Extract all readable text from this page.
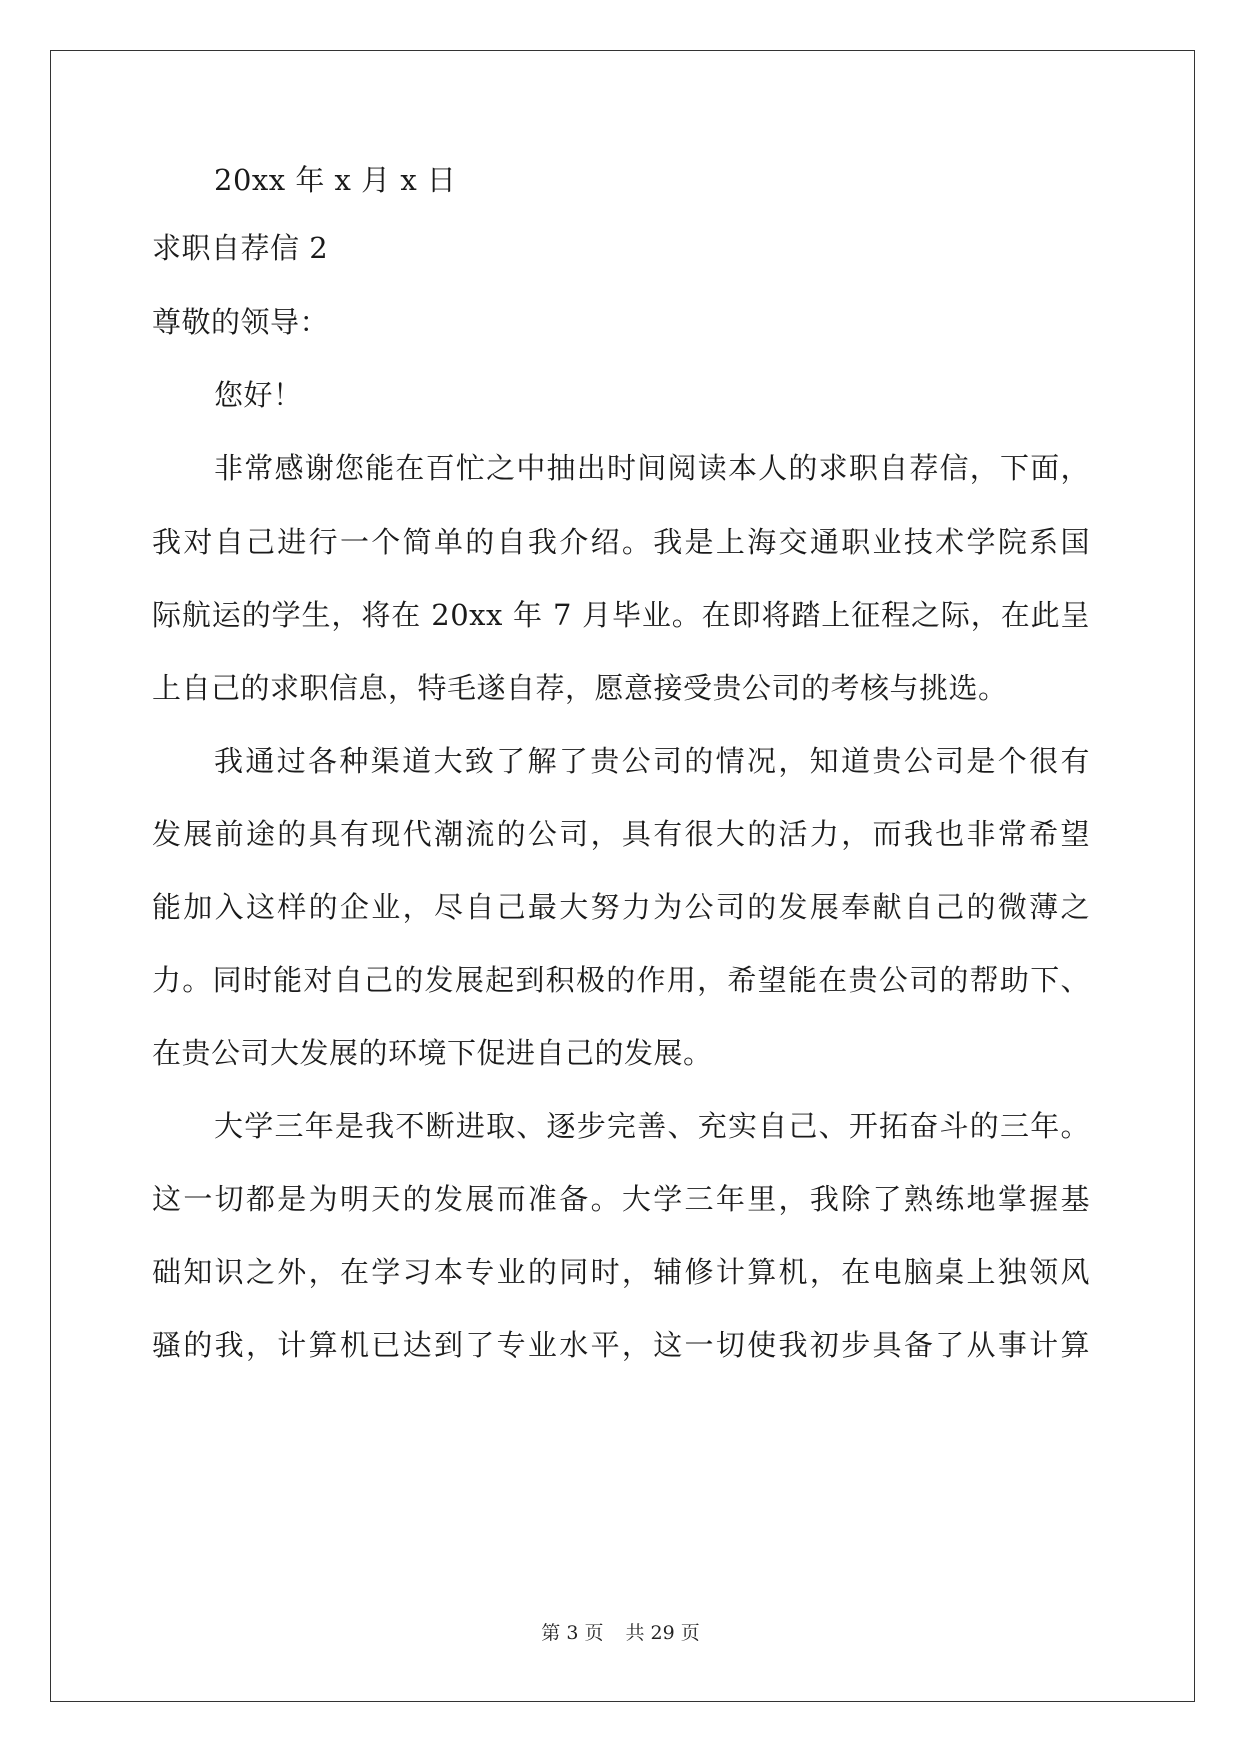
20xx 年 x 月 x 日
求职自荐信 2
尊敬的领导：
您好！
非常感谢您能在百忙之中抽出时间阅读本人的求职自荐信，下面，
我对自己进行一个简单的自我介绍。我是上海交通职业技术学院系国
际航运的学生，将在 20xx 年 7 月毕业。在即将踏上征程之际，在此呈
上自己的求职信息，特毛遂自荐，愿意接受贵公司的考核与挑选。
我通过各种渠道大致了解了贵公司的情况，知道贵公司是个很有
发展前途的具有现代潮流的公司，具有很大的活力，而我也非常希望
能加入这样的企业，尽自己最大努力为公司的发展奉献自己的微薄之
力。同时能对自己的发展起到积极的作用，希望能在贵公司的帮助下、
在贵公司大发展的环境下促进自己的发展。
大学三年是我不断进取、逐步完善、充实自己、开拓奋斗的三年。
这一切都是为明天的发展而准备。大学三年里，我除了熟练地掌握基
础知识之外，在学习本专业的同时，辅修计算机，在电脑桌上独领风
骚的我，计算机已达到了专业水平，这一切使我初步具备了从事计算
第 3 页 共 29 页
